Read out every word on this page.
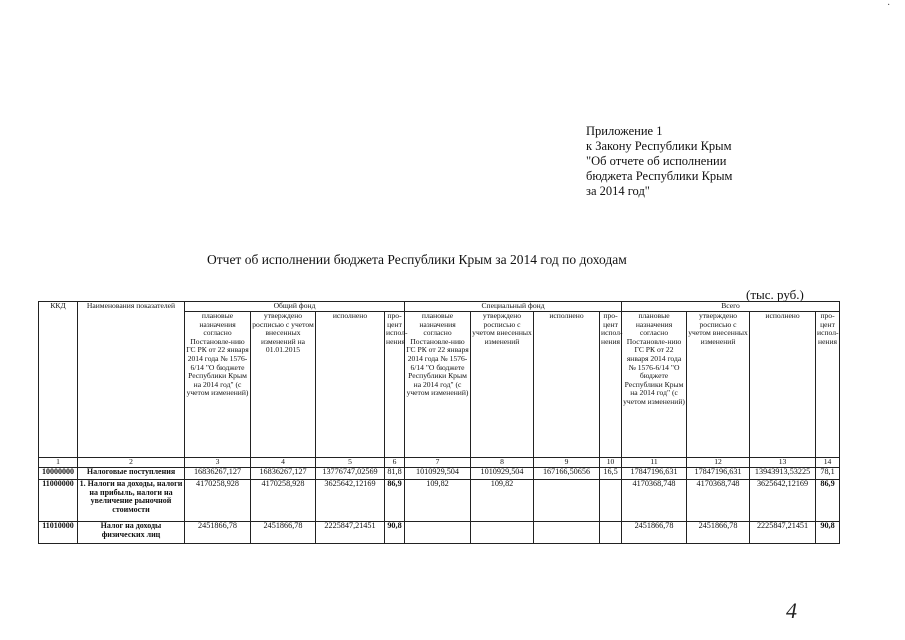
·
Приложение 1
к Закону Республики Крым
"Об отчете об исполнении
бюджета Республики Крым
за 2014 год"
Отчет об исполнении бюджета Республики Крым за 2014 год по доходам
(тыс. руб.)
ККД	Наименования показателей	Общий фонд				Специальный фонд				Всего			
		плановые назначения согласно Постановле-нию ГС РК от 22 января 2014 года № 1576-6/14 "О бюджете Республики Крым на 2014 год" (с учетом изменений)	утверждено росписью с учетом внесенных изменений на 01.01.2015	исполнено	про-цент испол-нения	плановые назначения согласно Постановле-нию ГС РК от 22 января 2014 года № 1576-6/14 "О бюджете Республики Крым на 2014 год" (с учетом изменений)	утверждено росписью с учетом внесенных изменений	исполнено	про-цент испол-нения	плановые назначения согласно Постановле-нию ГС РК от 22 января 2014 года № 1576-6/14 "О бюджете Республики Крым на 2014 год" (с учетом изменений)	утверждено росписью с учетом внесенных изменений	исполнено	про-цент испол-нения
1	2	3	4	5	6	7	8	9	10	11	12	13	14
10000000	Налоговые поступления	16836267,127	16836267,127	13776747,02569	81,8	1010929,504	1010929,504	167166,50656	16,5	17847196,631	17847196,631	13943913,53225	78,1
11000000	1. Налоги на доходы, налоги на прибыль, налоги на увеличение рыночной стоимости	4170258,928	4170258,928	3625642,12169	86,9	109,82	109,82			4170368,748	4170368,748	3625642,12169	86,9
11010000	Налог на доходы физических лиц	2451866,78	2451866,78	2225847,21451	90,8					2451866,78	2451866,78	2225847,21451	90,8
4
